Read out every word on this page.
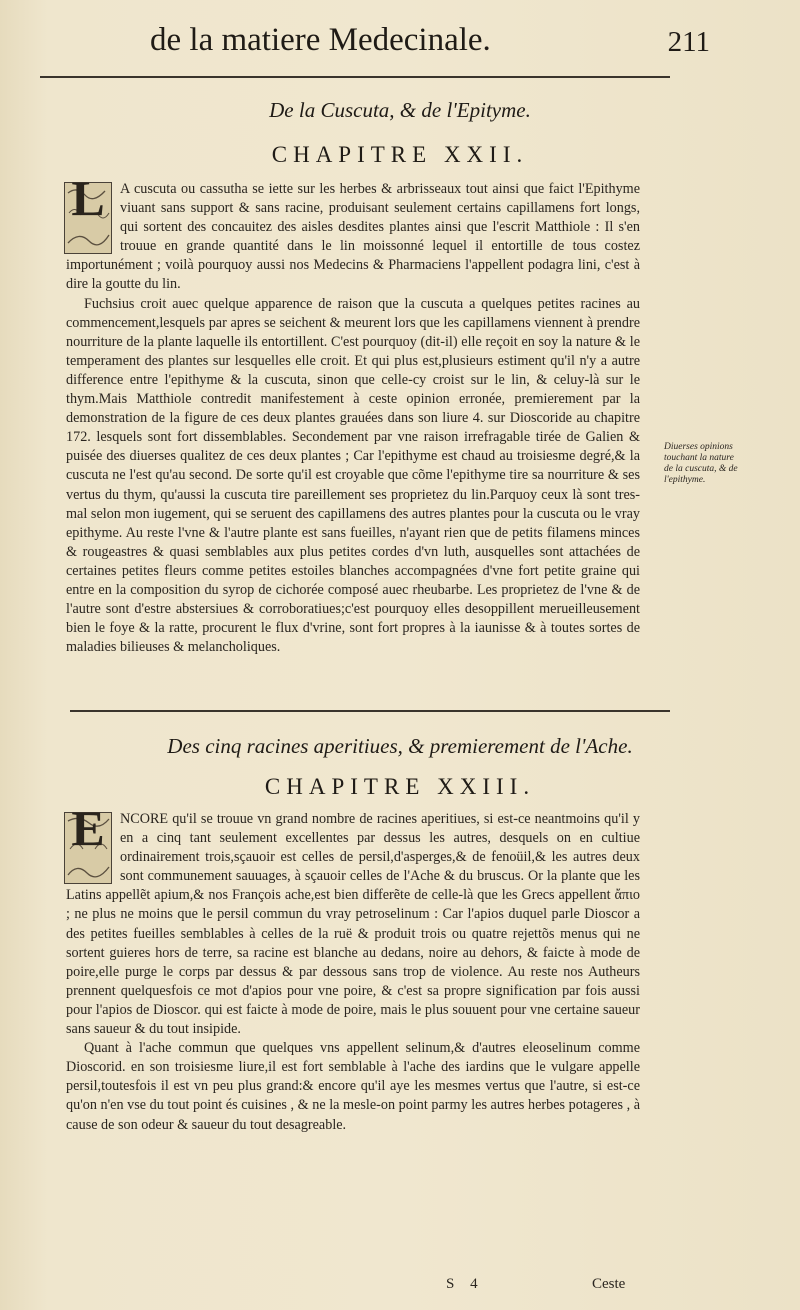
de la matiere Medecinale.	211
De la Cuscuta, & de l'Epityme.
CHAPITRE XXII.
L	A cuscuta ou cassutha se iette sur les herbes & arbrisseaux tout ainsi que faict l'Epithyme viuant sans support & sans racine, produisant seulement certains capillamens fort longs, qui sortent des concauitez des aisles desdites plantes ainsi que l'escrit Matthiole : Il s'en trouue en grande quantité dans le lin moissonné lequel il entortille de tous costez importunément ; voilà pourquoy aussi nos Medecins & Pharmaciens l'appellent podagra lini, c'est à dire la goutte du lin.

Fuchsius croit auec quelque apparence de raison que la cuscuta a quelques petites racines au commencement,lesquels par apres se seichent & meurent lors que les capillamens viennent à prendre nourriture de la plante laquelle ils entortillent. C'est pourquoy (dit-il) elle reçoit en soy la nature & le temperament des plantes sur lesquelles elle croit. Et qui plus est,plusieurs estiment qu'il n'y a autre difference entre l'epithyme & la cuscuta, sinon que celle-cy croist sur le lin, & celuy-là sur le thym.Mais Matthiole contredit manifestement à ceste opinion erronée, premierement par la demonstration de la figure de ces deux plantes grauées dans son liure 4. sur Dioscoride au chapitre 172. lesquels sont fort dissemblables. Secondement par vne raison irrefragable tirée de Galien & puisée des diuerses qualitez de ces deux plantes ; Car l'epithyme est chaud au troisiesme degré,& la cuscuta ne l'est qu'au second. De sorte qu'il est croyable que cõme l'epithyme tire sa nourriture & ses vertus du thym, qu'aussi la cuscuta tire pareillement ses proprietez du lin.Parquoy ceux là sont tres-mal selon mon iugement, qui se seruent des capillamens des autres plantes pour la cuscuta ou le vray epithyme. Au reste l'vne & l'autre plante est sans fueilles, n'ayant rien que de petits filamens minces & rougeastres & quasi semblables aux plus petites cordes d'vn luth, ausquelles sont attachées de certaines petites fleurs comme petites estoiles blanches accompagnées d'vne fort petite graine qui entre en la composition du syrop de cichorée composé auec rheubarbe. Les proprietez de l'vne & de l'autre sont d'estre abstersiues & corroboratiues;c'est pourquoy elles desoppillent merueilleusement bien le foye & la ratte, procurent le flux d'vrine, sont fort propres à la iaunisse & à toutes sortes de maladies bilieuses & melancholiques.

Diuerses opinions touchant la nature de la cuscuta, & de l'epithyme.
Des cinq racines aperitiues, & premierement de l'Ache.
CHAPITRE XXIII.
E	NCORE qu'il se trouue vn grand nombre de racines aperitiues, si est-ce neantmoins qu'il y en a cinq tant seulement excellentes par dessus les autres, desquels on en cultiue ordinairement trois,sçauoir est celles de persil,d'asperges,& de fenoüil,& les autres deux sont communement sauuages, à sçauoir celles de l'Ache & du bruscus. Or la plante que les Latins appellẽt apium,& nos François ache,est bien differẽte de celle-là que les Grecs appellent ἄπιο ; ne plus ne moins que le persil commun du vray petroselinum : Car l'apios duquel parle Dioscor a des petites fueilles semblables à celles de la ruë & produit trois ou quatre rejettõs menus qui ne sortent guieres hors de terre, sa racine est blanche au dedans, noire au dehors, & faicte à mode de poire,elle purge le corps par dessus & par dessous sans trop de violence. Au reste nos Autheurs prennent quelquesfois ce mot d'apios pour vne poire, & c'est sa propre signification par fois aussi pour l'apios de Dioscor. qui est faicte à mode de poire, mais le plus souuent pour vne certaine saueur sans saueur & du tout insipide.

Quant à l'ache commun que quelques vns appellent selinum,& d'autres eleoselinum comme Dioscorid. en son troisiesme liure,il est fort semblable à l'ache des iardins que le vulgare appelle persil,toutesfois il est vn peu plus grand:& encore qu'il aye les mesmes vertus que l'autre, si est-ce qu'on n'en vse du tout point és cuisines , & ne la mesle-on point parmy les autres herbes potageres , à cause de son odeur & saueur du tout desagreable.

S 4	Ceste
